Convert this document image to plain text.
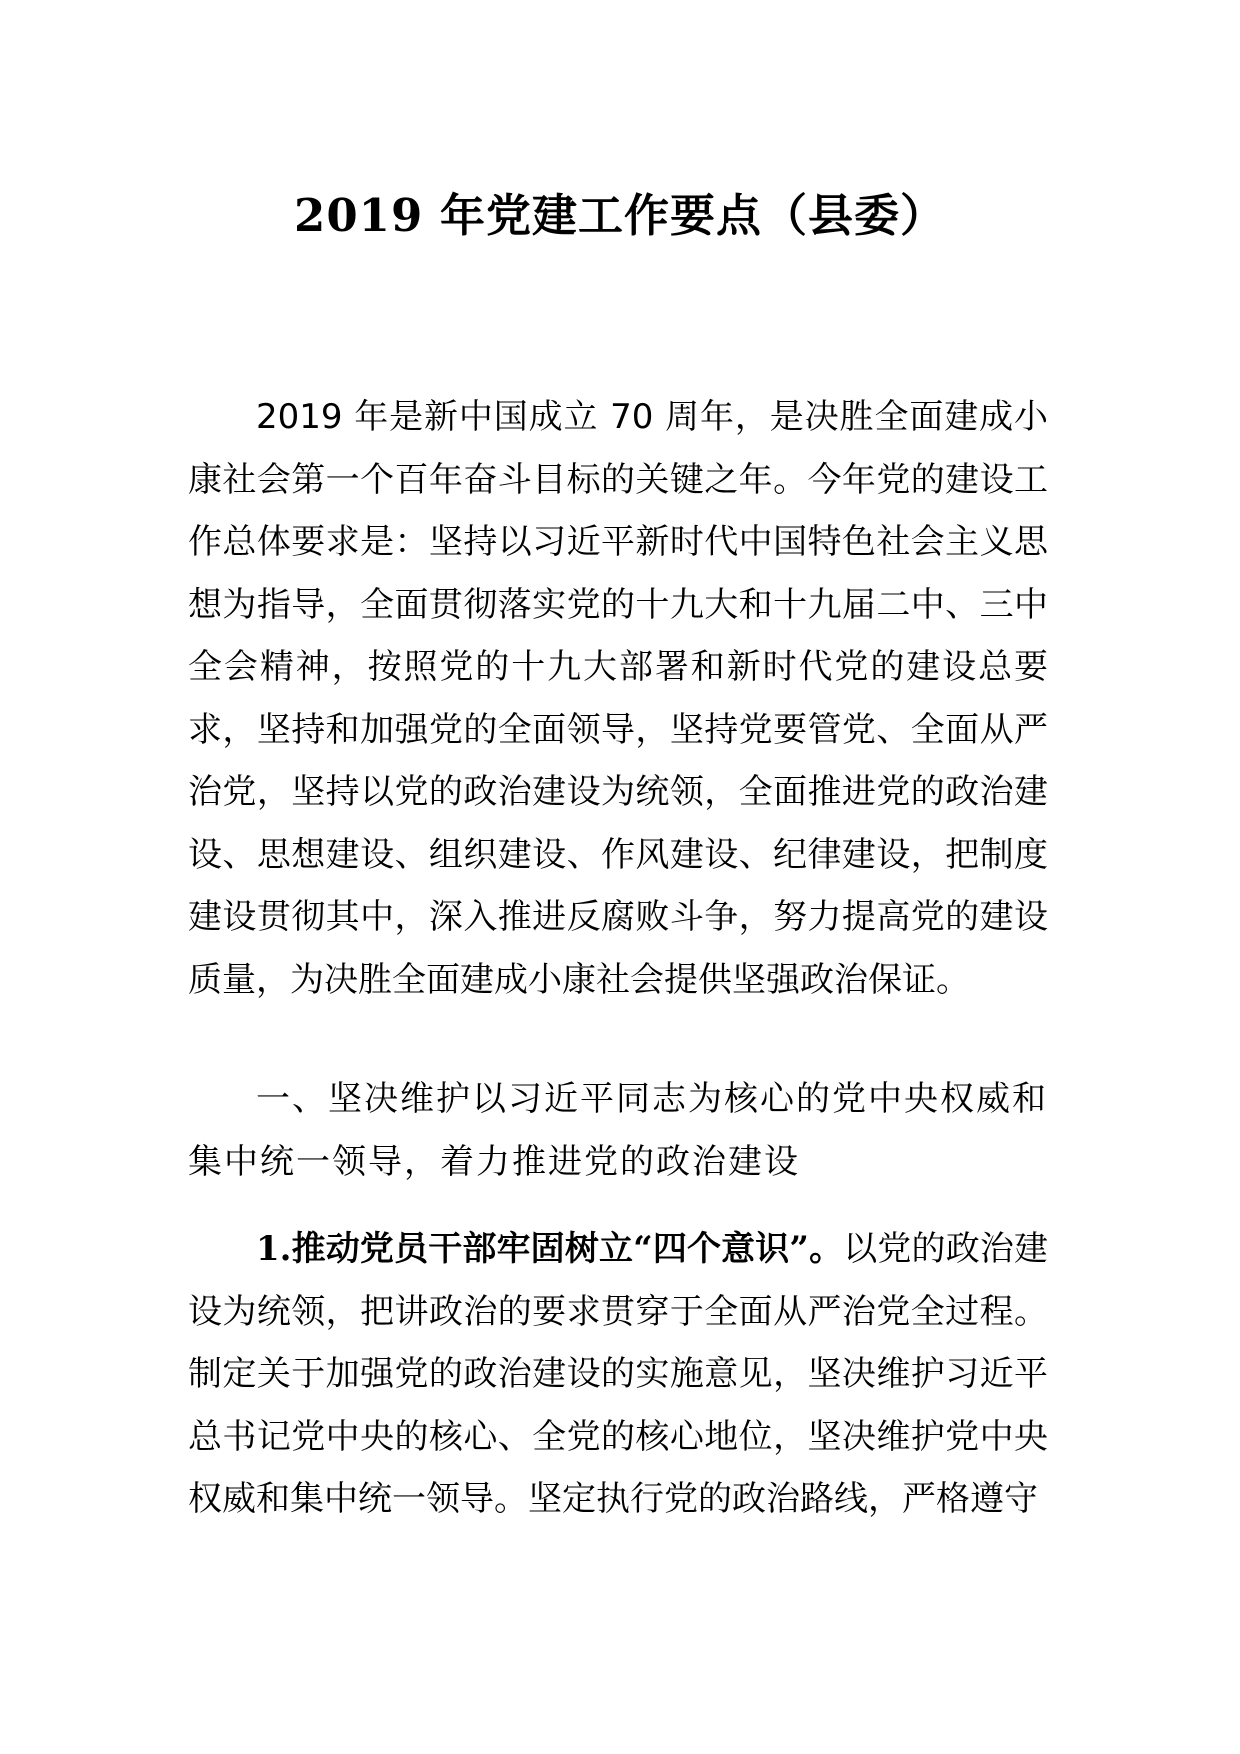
2019 年党建工作要点（县委）

2019 年是新中国成立 70 周年，是决胜全面建成小康社会第一个百年奋斗目标的关键之年。今年党的建设工作总体要求是：坚持以习近平新时代中国特色社会主义思想为指导，全面贯彻落实党的十九大和十九届二中、三中全会精神，按照党的十九大部署和新时代党的建设总要求，坚持和加强党的全面领导，坚持党要管党、全面从严治党，坚持以党的政治建设为统领，全面推进党的政治建设、思想建设、组织建设、作风建设、纪律建设，把制度建设贯彻其中，深入推进反腐败斗争，努力提高党的建设质量，为决胜全面建成小康社会提供坚强政治保证。

一、坚决维护以习近平同志为核心的党中央权威和集中统一领导，着力推进党的政治建设

1.推动党员干部牢固树立“四个意识”。以党的政治建设为统领，把讲政治的要求贯穿于全面从严治党全过程。制定关于加强党的政治建设的实施意见，坚决维护习近平总书记党中央的核心、全党的核心地位，坚决维护党中央权威和集中统一领导。坚定执行党的政治路线，严格遵守
